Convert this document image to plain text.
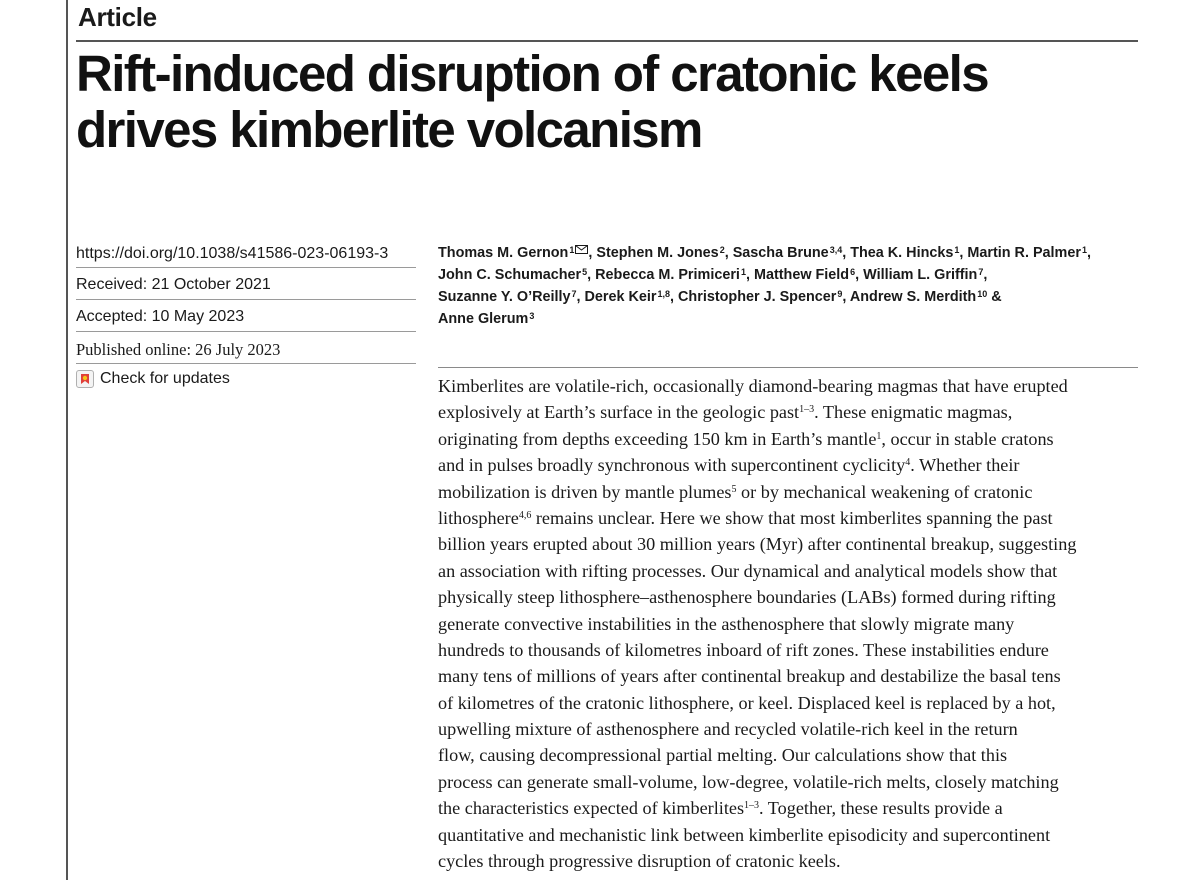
Article
Rift-induced disruption of cratonic keels
drives kimberlite volcanism
https://doi.org/10.1038/s41586-023-06193-3
Received: 21 October 2021
Accepted: 10 May 2023
Published online: 26 July 2023
Check for updates

Thomas M. Gernon$^1$ , Stephen M. Jones$^2$, Sascha Brune$^{3,4}$, Thea K. Hincks$^1$, Martin R. Palmer$^1$,
John C. Schumacher$^5$, Rebecca M. Primiceri$^1$, Matthew Field$^6$, William L. Griffin$^7$,
Suzanne Y. O’Reilly$^7$, Derek Keir$^{1,8}$, Christopher J. Spencer$^9$, Andrew S. Merdith$^{10}$ &
Anne Glerum$^3$

Kimberlites are volatile-rich, occasionally diamond-bearing magmas that have erupted
explosively at Earth’s surface in the geologic past$^{1-3}$. These enigmatic magmas,
originating from depths exceeding 150 km in Earth’s mantle$^1$, occur in stable cratons
and in pulses broadly synchronous with supercontinent cyclicity$^4$. Whether their
mobilization is driven by mantle plumes$^5$ or by mechanical weakening of cratonic
lithosphere$^{4,6}$ remains unclear. Here we show that most kimberlites spanning the past
billion years erupted about 30 million years (Myr) after continental breakup, suggesting
an association with rifting processes. Our dynamical and analytical models show that
physically steep lithosphere–asthenosphere boundaries (LABs) formed during rifting
generate convective instabilities in the asthenosphere that slowly migrate many
hundreds to thousands of kilometres inboard of rift zones. These instabilities endure
many tens of millions of years after continental breakup and destabilize the basal tens
of kilometres of the cratonic lithosphere, or keel. Displaced keel is replaced by a hot,
upwelling mixture of asthenosphere and recycled volatile-rich keel in the return
flow, causing decompressional partial melting. Our calculations show that this
process can generate small-volume, low-degree, volatile-rich melts, closely matching
the characteristics expected of kimberlites$^{1-3}$. Together, these results provide a
quantitative and mechanistic link between kimberlite episodicity and supercontinent
cycles through progressive disruption of cratonic keels.
